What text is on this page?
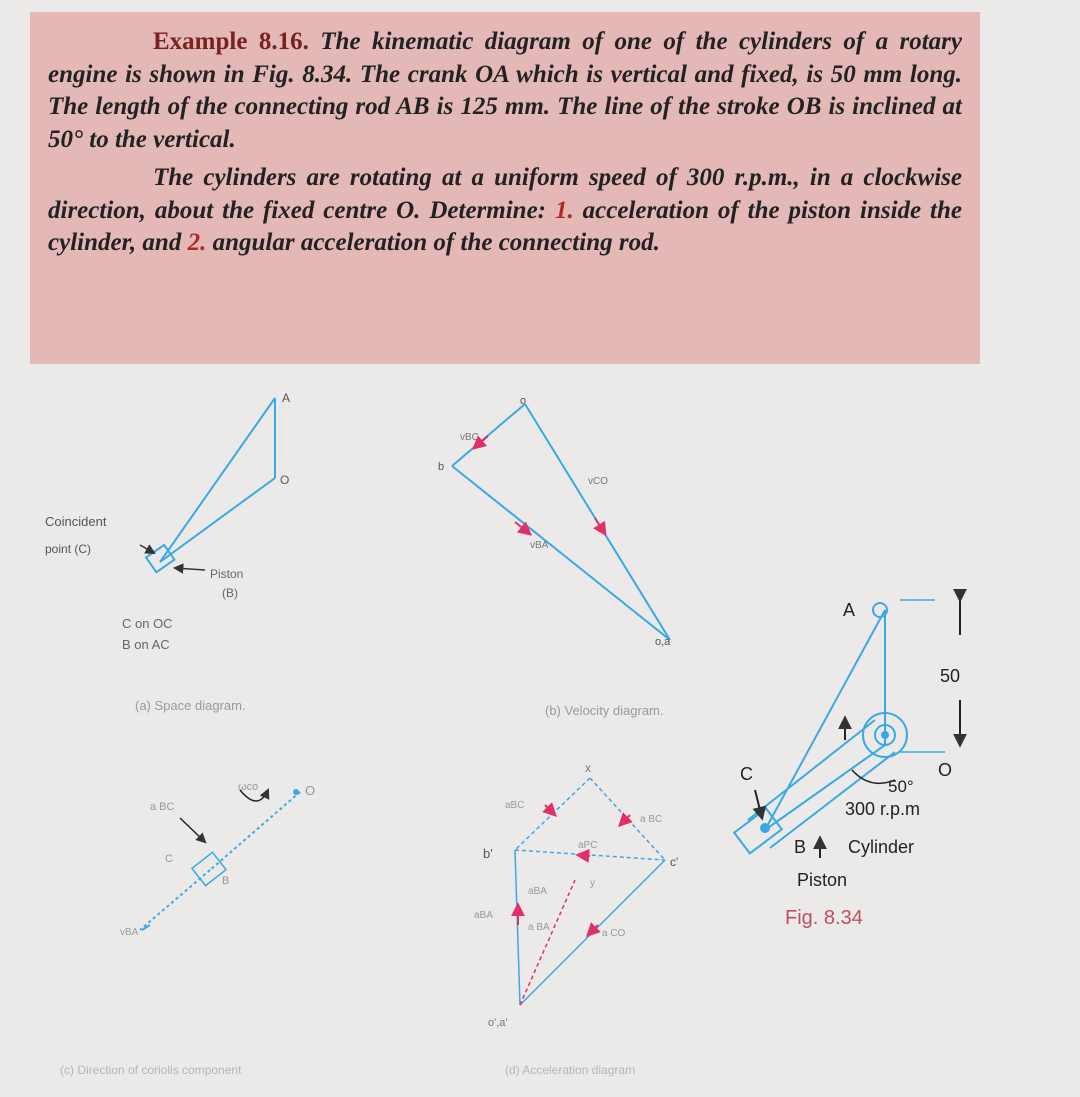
Example 8.16. The kinematic diagram of one of the cylinders of a rotary engine is shown in Fig. 8.34. The crank OA which is vertical and fixed, is 50 mm long. The length of the connecting rod AB is 125 mm. The line of the stroke OB is inclined at 50° to the vertical.

The cylinders are rotating at a uniform speed of 300 r.p.m., in a clockwise direction, about the fixed centre O. Determine: 1. acceleration of the piston inside the cylinder, and 2. angular acceleration of the connecting rod.

A
O
Coincident
point (C)
Piston
(B)
C on OC
B on AC
(a) Space diagram.
o
b
o,a
vBC
vCO
vBA
(b) Velocity diagram.
A
50
O
C
50°
300 r.p.m
B Cylinder
Piston
Fig. 8.34
ωco	O
a BC
C
B
vBA
(c) Direction of coriolis component
x
aBC
a BC
aPC
b'
c'
aBA
y
aBA
a BA
a CO
o',a'
(d) Acceleration diagram
